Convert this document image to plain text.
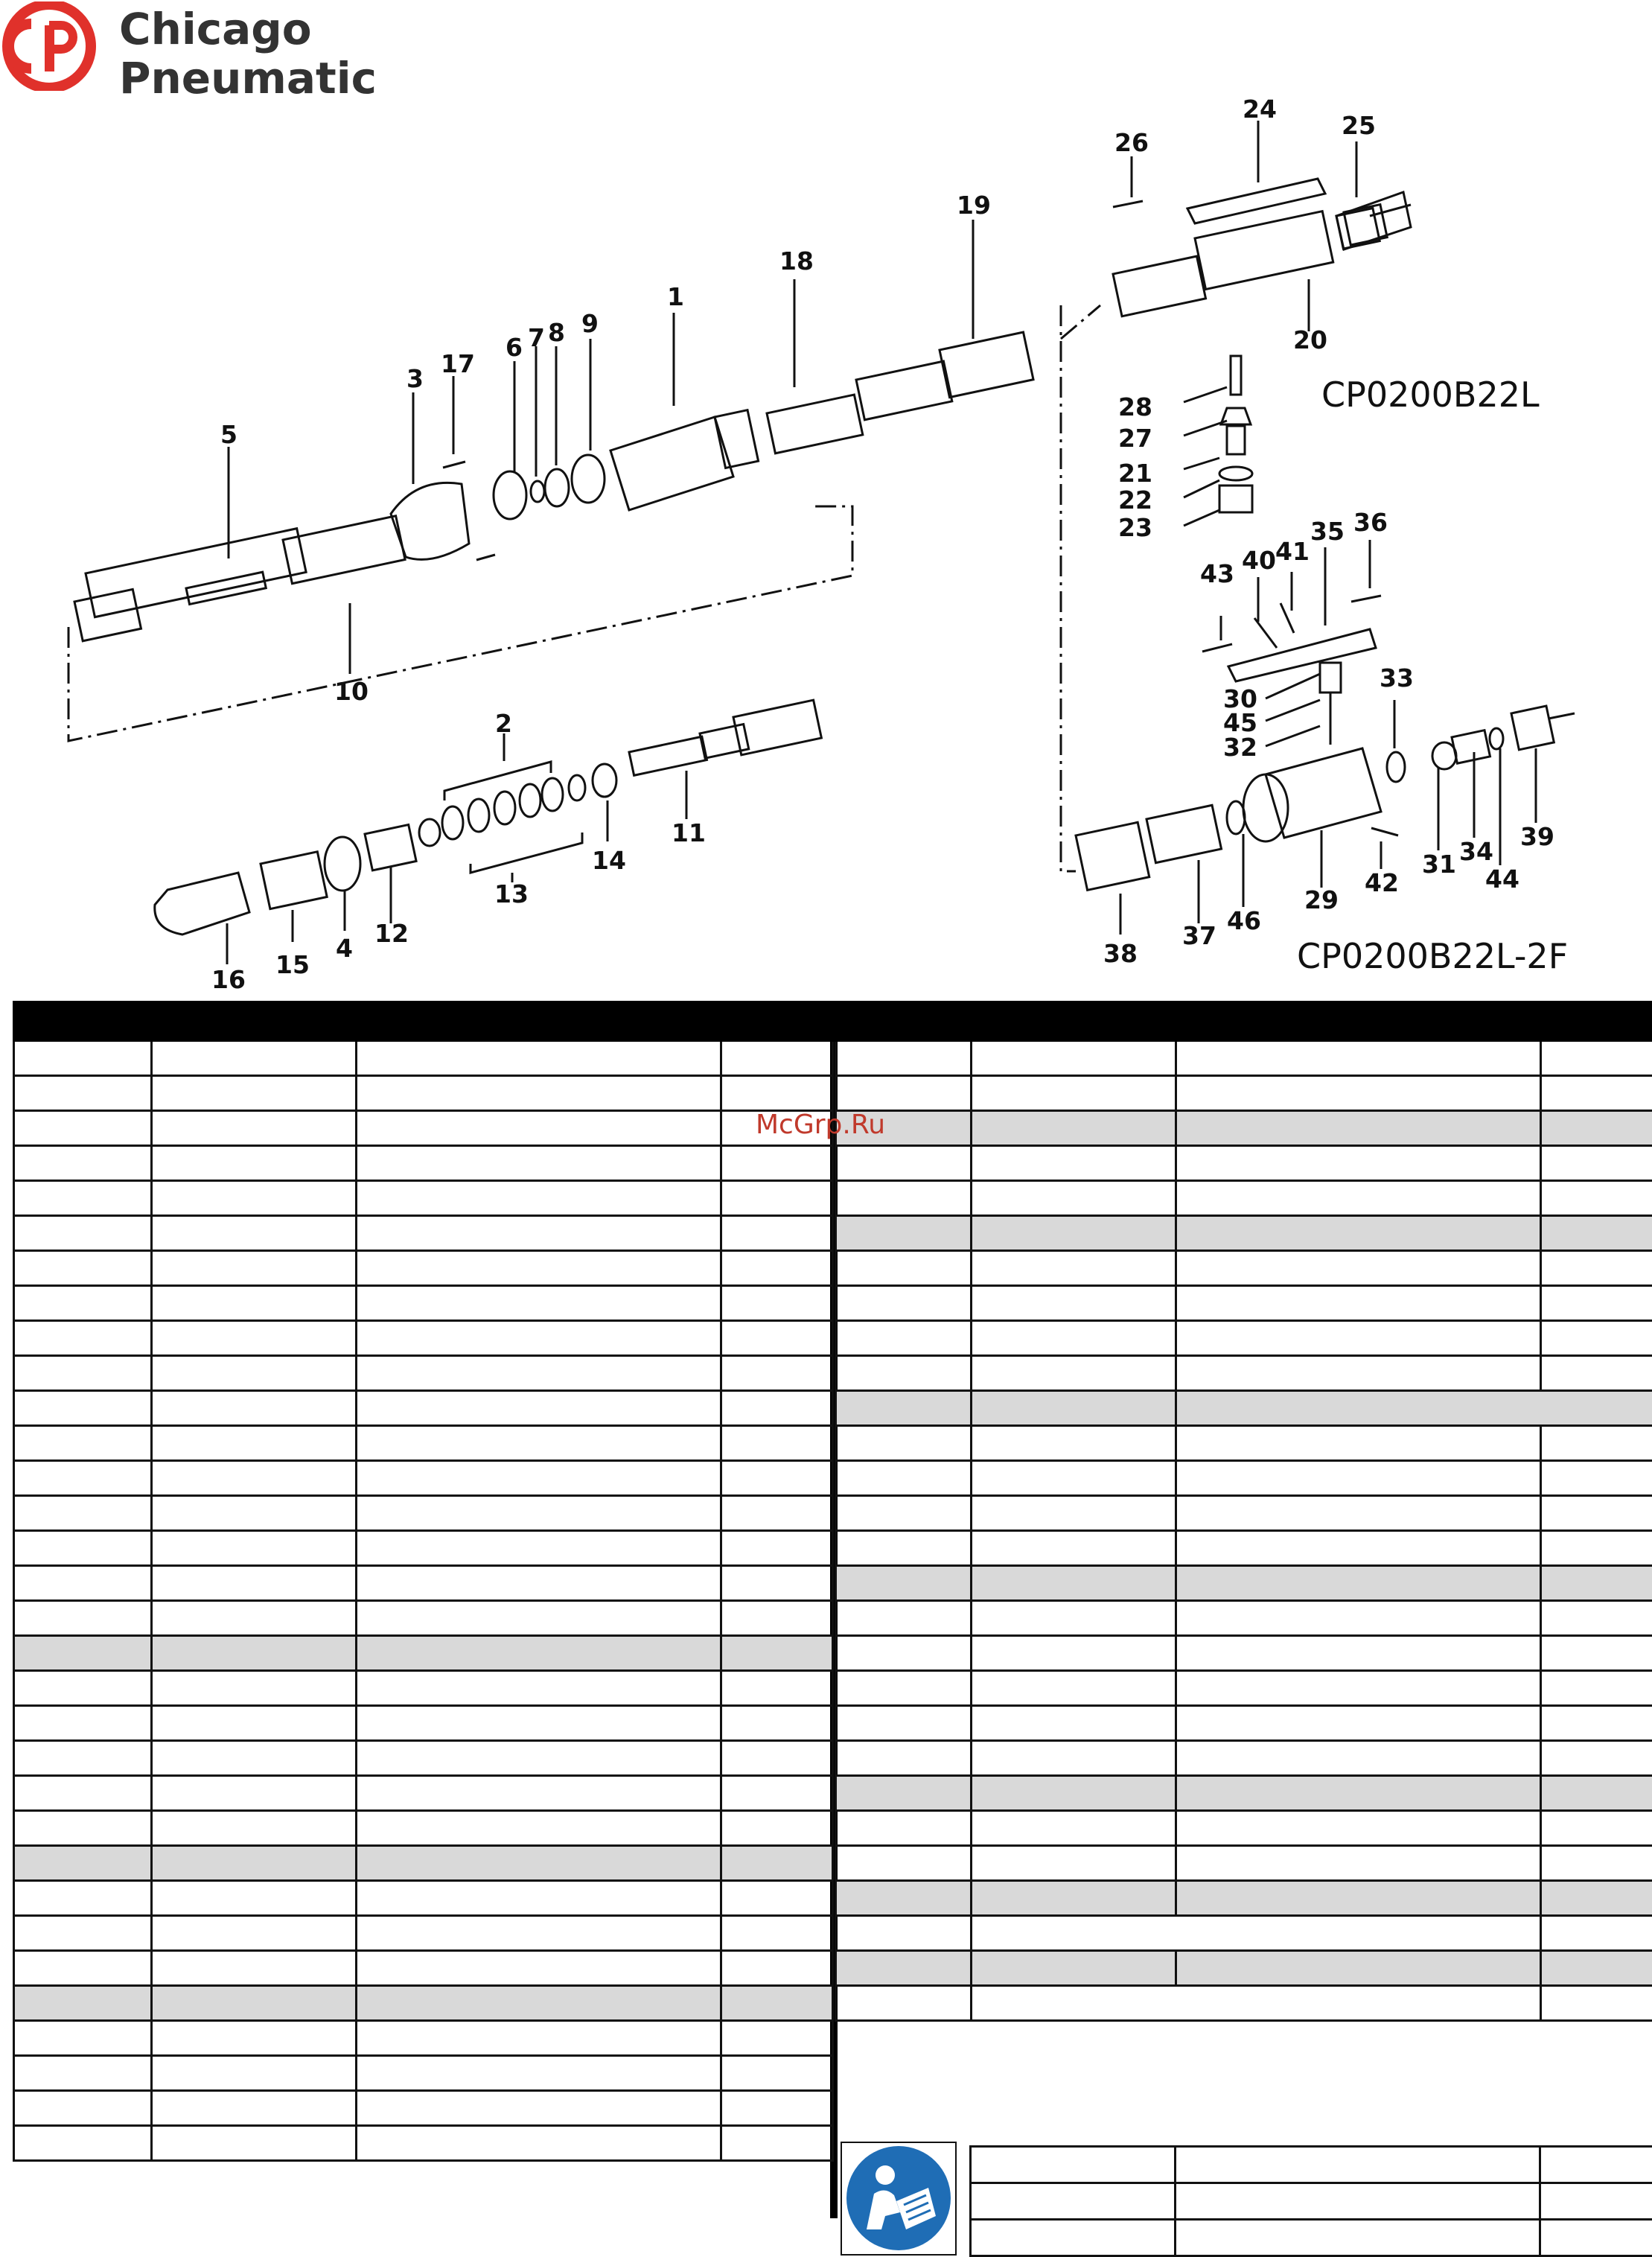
Chicago
Pneumatic
1
2
3
4
5
6 7 8 9
10
11
12
13
14
15
16
17
18
19
20
21
22
23
24
25
26
27
28
29
30
31
32
33
34
35 36
37
38
39
40 41
42
43
44
45
46
CP0200B22L
CP0200B22L-2F

McGrp.Ru
